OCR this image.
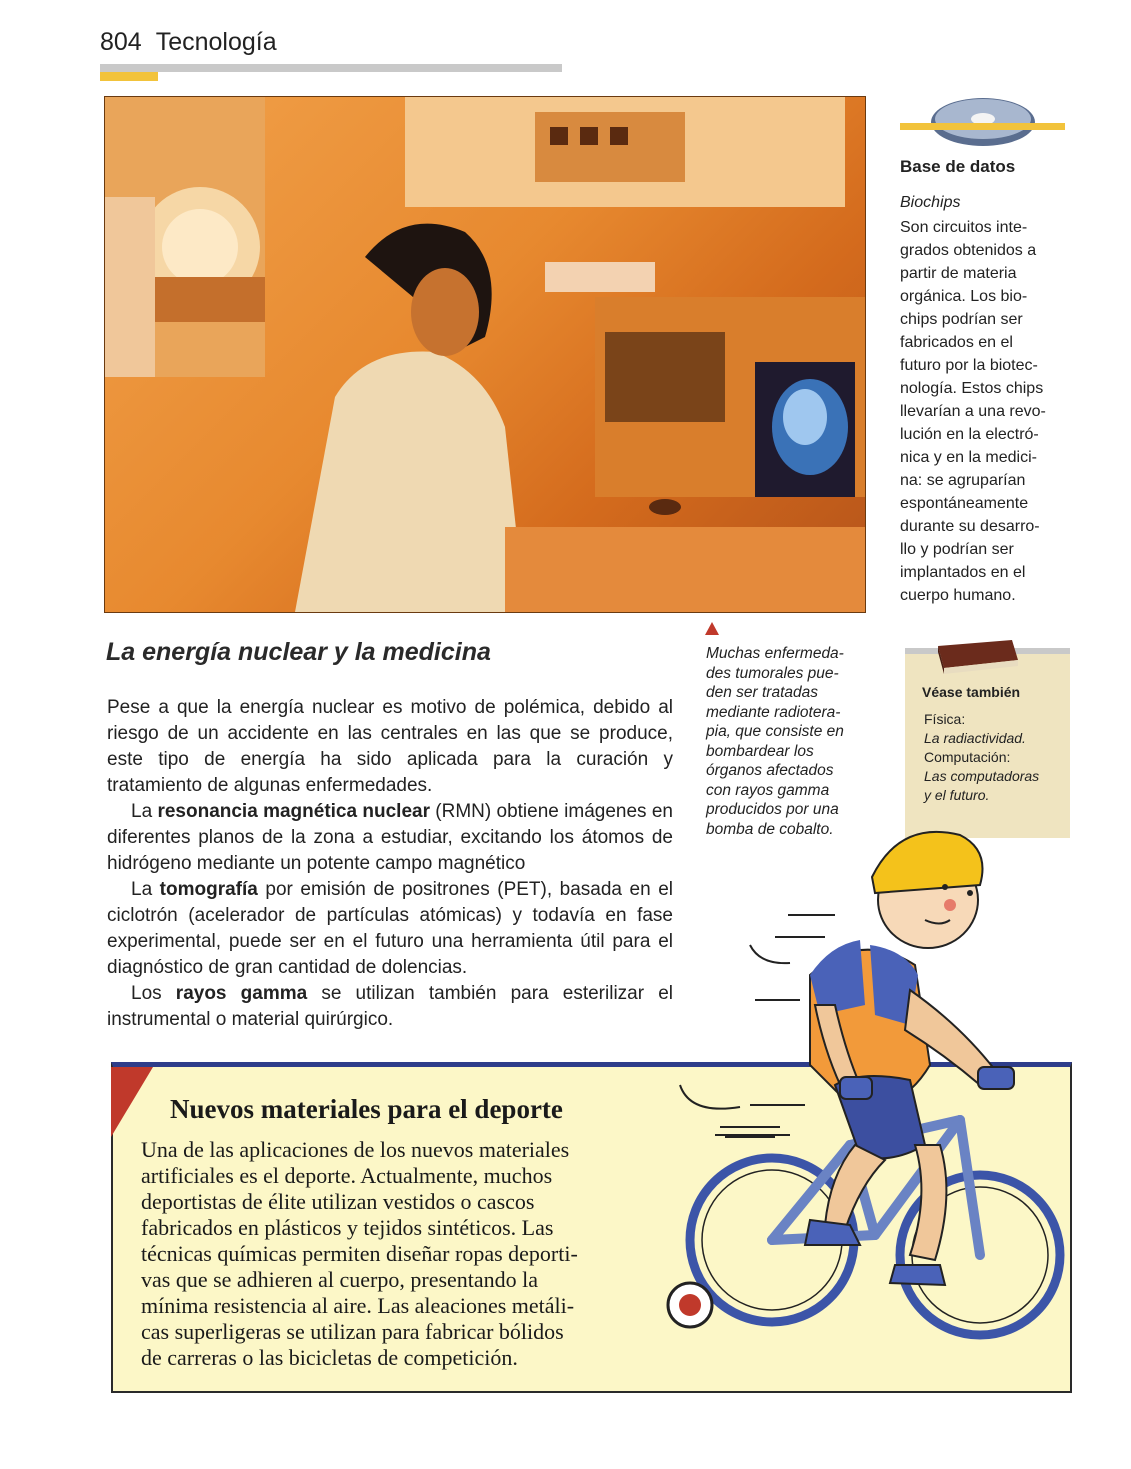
804 Tecnología
Base de datos
Biochips
Son circuitos inte-
grados obtenidos a
partir de materia
orgánica. Los bio-
chips podrían ser
fabricados en el
futuro por la biotec-
nología. Estos chips
llevarían a una revo-
lución en la electró-
nica y en la medici-
na: se agruparían
espontáneamente
durante su desarro-
llo y podrían ser
implantados en el
cuerpo humano.
Muchas enfermeda-
des tumorales pue-
den ser tratadas
mediante radiotera-
pia, que consiste en
bombardear los
órganos afectados
con rayos gamma
producidos por una
bomba de cobalto.
Véase también
Física:
La radiactividad.
Computación:
Las computadoras
y el futuro.
La energía nuclear y la medicina

Pese a que la energía nuclear es motivo de polémica, debido al riesgo de un accidente en las centrales en las que se produce, este tipo de energía ha sido aplicada para la curación y tratamiento de algunas enfermedades.

La resonancia magnética nuclear (RMN) obtiene imágenes en diferentes planos de la zona a estudiar, excitando los átomos de hidrógeno mediante un potente campo magnético

La tomografía por emisión de positrones (PET), basada en el ciclotrón (acelerador de partículas atómicas) y todavía en fase experimental, puede ser en el futuro una herramienta útil para el diagnóstico de gran cantidad de dolencias.

Los rayos gamma se utilizan también para esterilizar el instrumental o material quirúrgico.

Nuevos materiales para el deporte
Una de las aplicaciones de los nuevos materiales
artificiales es el deporte. Actualmente, muchos
deportistas de élite utilizan vestidos o cascos
fabricados en plásticos y tejidos sintéticos. Las
técnicas químicas permiten diseñar ropas deporti-
vas que se adhieren al cuerpo, presentando la
mínima resistencia al aire. Las aleaciones metáli-
cas superligeras se utilizan para fabricar bólidos
de carreras o las bicicletas de competición.
